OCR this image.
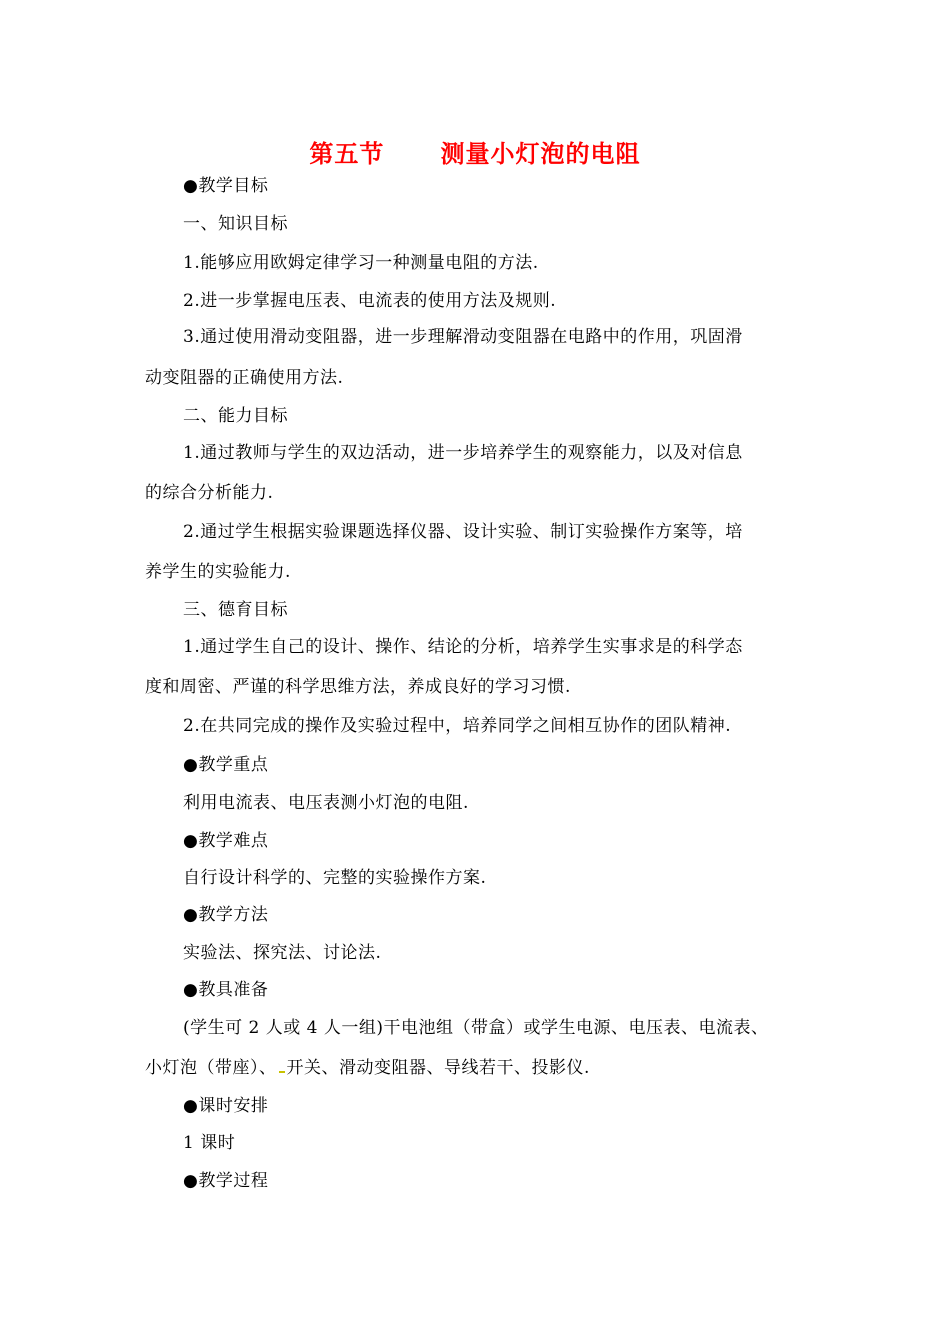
第五节      测量小灯泡的电阻
●教学目标
一、知识目标
1.能够应用欧姆定律学习一种测量电阻的方法.
2.进一步掌握电压表、电流表的使用方法及规则.
3.通过使用滑动变阻器，进一步理解滑动变阻器在电路中的作用，巩固滑
动变阻器的正确使用方法.
二、能力目标
1.通过教师与学生的双边活动，进一步培养学生的观察能力，以及对信息
的综合分析能力.
2.通过学生根据实验课题选择仪器、设计实验、制订实验操作方案等，培
养学生的实验能力.
三、德育目标
1.通过学生自己的设计、操作、结论的分析，培养学生实事求是的科学态
度和周密、严谨的科学思维方法，养成良好的学习习惯.
2.在共同完成的操作及实验过程中，培养同学之间相互协作的团队精神.
●教学重点
利用电流表、电压表测小灯泡的电阻.
●教学难点
自行设计科学的、完整的实验操作方案.
●教学方法
实验法、探究法、讨论法.
●教具准备
(学生可 2 人或 4 人一组)干电池组（带盒）或学生电源、电压表、电流表、
小灯泡（带座）、 开关、滑动变阻器、导线若干、投影仪.
●课时安排
1 课时
●教学过程
